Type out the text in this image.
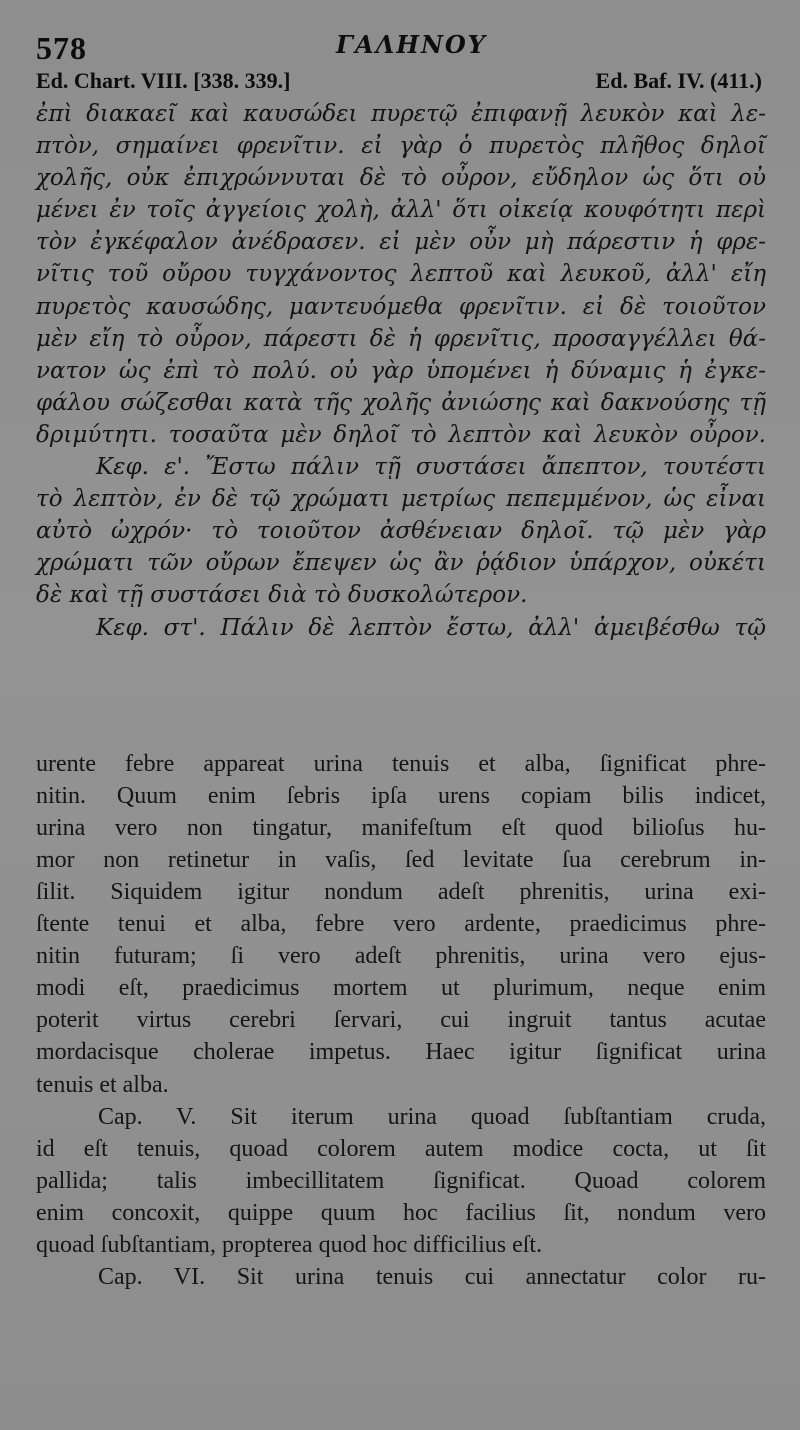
578	ΓΑΛΗΝΟΥ
Ed. Chart. VIII. [338. 339.]	Ed. Baf. IV. (411.)
ἐπὶ διακαεῖ καὶ καυσώδει πυρετῷ ἐπιφανῇ λευκὸν καὶ λε-
πτὸν, σημαίνει φρενῖτιν. εἰ γὰρ ὁ πυρετὸς πλῆθος δηλοῖ
χολῆς, οὐκ ἐπιχρώννυται δὲ τὸ οὖρον, εὔδηλον ὡς ὅτι οὐ
μένει ἐν τοῖς ἀγγείοις χολὴ, ἀλλ' ὅτι οἰκείᾳ κουφότητι περὶ
τὸν ἐγκέφαλον ἀνέδρασεν. εἰ μὲν οὖν μὴ πάρεστιν ἡ φρε-
νῖτις τοῦ οὔρου τυγχάνοντος λεπτοῦ καὶ λευκοῦ, ἀλλ' εἴη
πυρετὸς καυσώδης, μαντευόμεθα φρενῖτιν. εἰ δὲ τοιοῦτον
μὲν εἴη τὸ οὖρον, πάρεστι δὲ ἡ φρενῖτις, προσαγγέλλει θά-
νατον ὡς ἐπὶ τὸ πολύ. οὐ γὰρ ὑπομένει ἡ δύναμις ἡ ἐγκε-
φάλου σώζεσθαι κατὰ τῆς χολῆς ἀνιώσης καὶ δακνούσης τῇ
δριμύτητι. τοσαῦτα μὲν δηλοῖ τὸ λεπτὸν καὶ λευκὸν οὖρον.
Κεφ. ε'. Ἔστω πάλιν τῇ συστάσει ἄπεπτον, τουτέστι
τὸ λεπτὸν, ἐν δὲ τῷ χρώματι μετρίως πεπεμμένον, ὡς εἶναι
αὐτὸ ὠχρόν· τὸ τοιοῦτον ἀσθένειαν δηλοῖ. τῷ μὲν γὰρ
χρώματι τῶν οὔρων ἔπεψεν ὡς ἂν ῥᾴδιον ὑπάρχον, οὐκέτι
δὲ καὶ τῇ συστάσει διὰ τὸ δυσκολώτερον.
Κεφ. στ'. Πάλιν δὲ λεπτὸν ἔστω, ἀλλ' ἀμειβέσθω τῷ
urente febre appareat urina tenuis et alba, ſignificat phre-
nitin. Quum enim ſebris ipſa urens copiam bilis indicet,
urina vero non tingatur, manifeſtum eſt quod bilioſus hu-
mor non retinetur in vaſis, ſed levitate ſua cerebrum in-
ſilit. Siquidem igitur nondum adeſt phrenitis, urina exi-
ſtente tenui et alba, febre vero ardente, praedicimus phre-
nitin futuram; ſi vero adeſt phrenitis, urina vero ejus-
modi eſt, praedicimus mortem ut plurimum, neque enim
poterit virtus cerebri ſervari, cui ingruit tantus acutae
mordacisque cholerae impetus. Haec igitur ſignificat urina
tenuis et alba.
Cap. V. Sit iterum urina quoad ſubſtantiam cruda,
id eſt tenuis, quoad colorem autem modice cocta, ut ſit
pallida; talis imbecillitatem ſignificat. Quoad colorem
enim concoxit, quippe quum hoc facilius ſit, nondum vero
quoad ſubſtantiam, propterea quod hoc difficilius eſt.
Cap. VI. Sit urina tenuis cui annectatur color ru-
